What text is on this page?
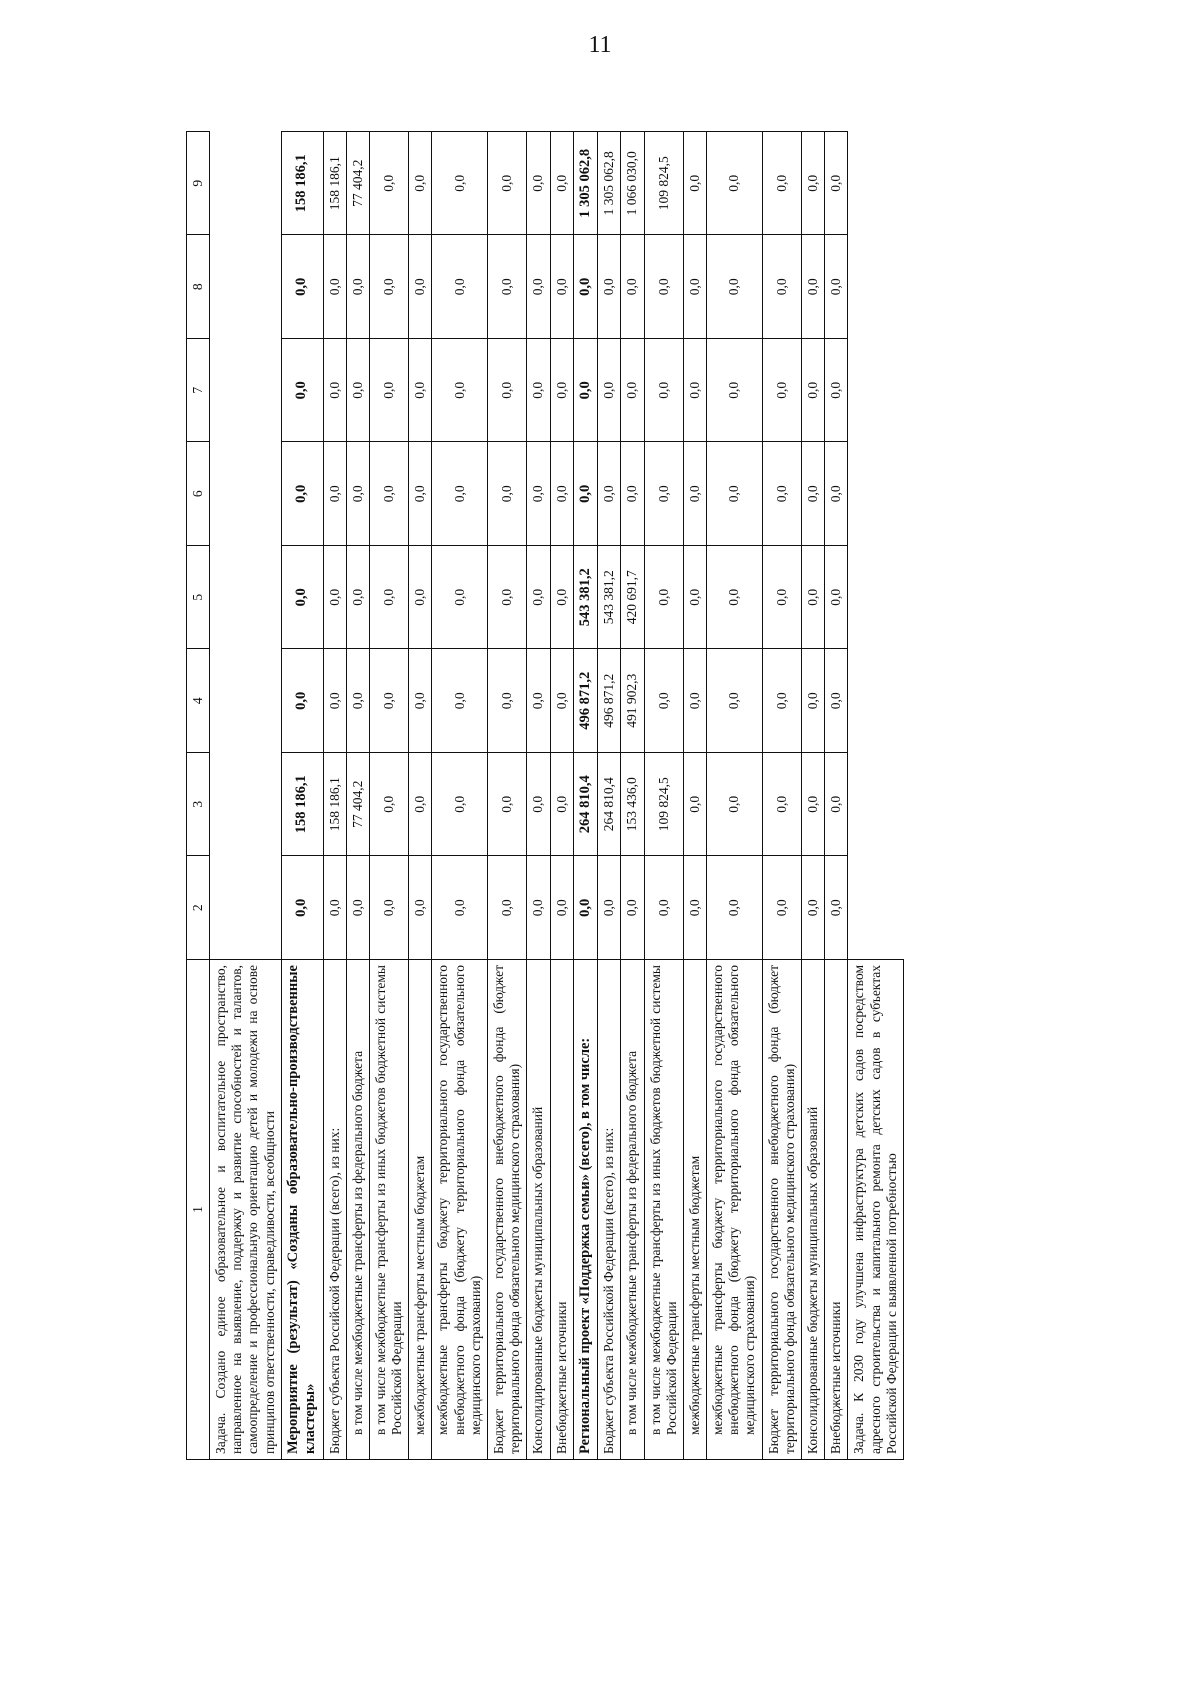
11
1	2	3	4	5	6	7	8	9
Задача. Создано единое образовательное и воспитательное пространство, направленное на выявление, поддержку и развитие способностей и талантов, самоопределение и профессиональную ориентацию детей и молодежи на основе принципов ответственности, справедливости, всеобщности								
Мероприятие (результат) «Созданы образовательно-производственные кластеры»	0,0	158 186,1	0,0	0,0	0,0	0,0	0,0	158 186,1
Бюджет субъекта Российской Федерации (всего), из них:	0,0	158 186,1	0,0	0,0	0,0	0,0	0,0	158 186,1
в том числе межбюджетные трансферты из федерального бюджета	0,0	77 404,2	0,0	0,0	0,0	0,0	0,0	77 404,2
в том числе межбюджетные трансферты из иных бюджетов бюджетной системы Российской Федерации	0,0	0,0	0,0	0,0	0,0	0,0	0,0	0,0
межбюджетные трансферты местным бюджетам	0,0	0,0	0,0	0,0	0,0	0,0	0,0	0,0
межбюджетные трансферты бюджету территориального государственного внебюджетного фонда (бюджету территориального фонда обязательного медицинского страхования)	0,0	0,0	0,0	0,0	0,0	0,0	0,0	0,0
Бюджет территориального государственного внебюджетного фонда (бюджет территориального фонда обязательного медицинского страхования)	0,0	0,0	0,0	0,0	0,0	0,0	0,0	0,0
Консолидированные бюджеты муниципальных образований	0,0	0,0	0,0	0,0	0,0	0,0	0,0	0,0
Внебюджетные источники	0,0	0,0	0,0	0,0	0,0	0,0	0,0	0,0
Региональный проект «Поддержка семьи» (всего), в том числе:	0,0	264 810,4	496 871,2	543 381,2	0,0	0,0	0,0	1 305 062,8
Бюджет субъекта Российской Федерации (всего), из них:	0,0	264 810,4	496 871,2	543 381,2	0,0	0,0	0,0	1 305 062,8
в том числе межбюджетные трансферты из федерального бюджета	0,0	153 436,0	491 902,3	420 691,7	0,0	0,0	0,0	1 066 030,0
в том числе межбюджетные трансферты из иных бюджетов бюджетной системы Российской Федерации	0,0	109 824,5	0,0	0,0	0,0	0,0	0,0	109 824,5
межбюджетные трансферты местным бюджетам	0,0	0,0	0,0	0,0	0,0	0,0	0,0	0,0
межбюджетные трансферты бюджету территориального государственного внебюджетного фонда (бюджету территориального фонда обязательного медицинского страхования)	0,0	0,0	0,0	0,0	0,0	0,0	0,0	0,0
Бюджет территориального государственного внебюджетного фонда (бюджет территориального фонда обязательного медицинского страхования)	0,0	0,0	0,0	0,0	0,0	0,0	0,0	0,0
Консолидированные бюджеты муниципальных образований	0,0	0,0	0,0	0,0	0,0	0,0	0,0	0,0
Внебюджетные источники	0,0	0,0	0,0	0,0	0,0	0,0	0,0	0,0
Задача. К 2030 году улучшена инфраструктура детских садов посредством адресного строительства и капитального ремонта детских садов в субъектах Российской Федерации с выявленной потребностью								
